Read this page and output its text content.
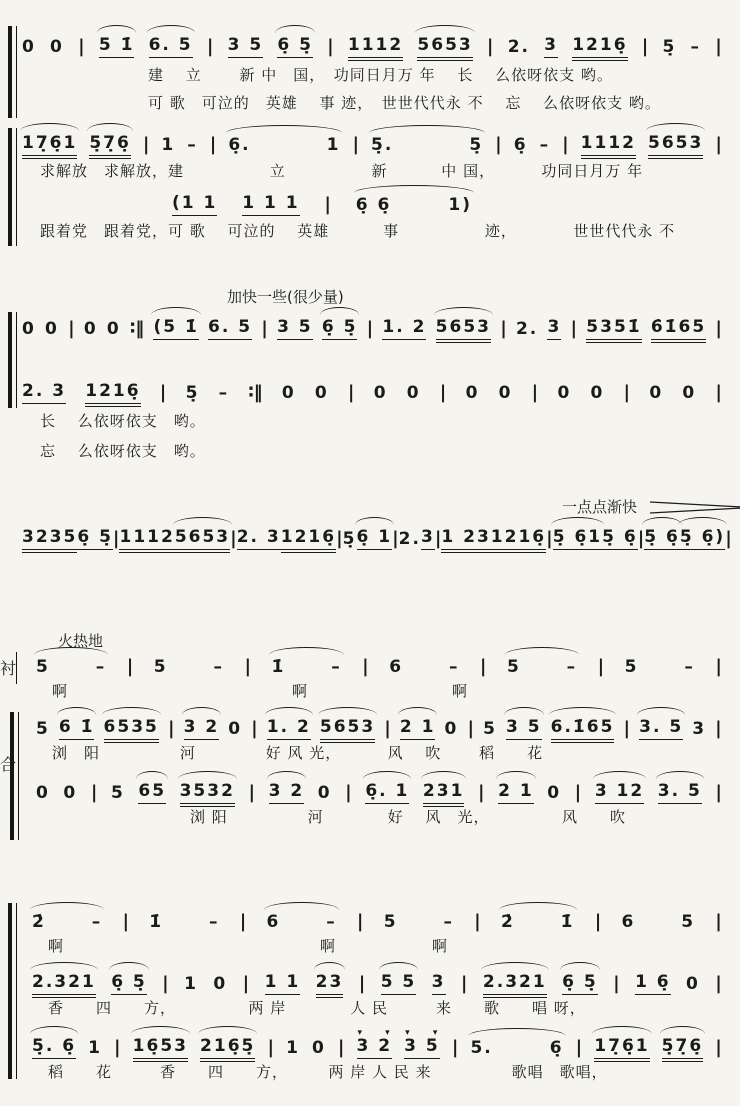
0 0 | 5 1̇ 6. 5 | 3 5 6̣ 5̣ | 1112 5653 | 2. 3 1216̣ | 5̣ – |
建　 立　　 新 中　国，　功同日月万 年　 长　 么依呀依支 哟。
可 歌　可泣的　英雄　 事 迹，　世世代代永 不　 忘　 么依呀依支 哟。
17̣6̣1 5̣7̣6̣ | 1 – | 6̣.　　　　1 | 5̣.　　　　5̣ | 6̣ – | 1112 5653 |
求解放　求解放，建　　　　　 立　　　　　 新　　　 中 国，　　　 功同日月万 年
(1 1 1 1 1 | 6̣ 6̣　　　1)
跟着党　跟着党，可 歌　 可泣的　 英雄　　　 事　　　　　 迹，　　　　世世代代永 不
加快一些(很少量)
0 0 | 0 0 ∶‖ (5 1̇ 6. 5 | 3 5 6̣ 5̣ | 1. 2 5653 | 2. 3 | 5351̇ 6̇1̇65 |
2. 3 1216̣ | 5̣ – ∶‖ 0 0 | 0 0 | 0 0 | 0 0 | 0 0 |
长　 么依呀依支　哟。
忘　 么依呀依支　哟。
一点点渐快
3235 6̣ 5̣ | 1112 5653 | 2. 3 1216̣ | 5̣ 6̣ 1 | 2. 3 | 1 23 1216̣ | 5̣ 6̣1 5̣ 6̣ | 5̣ 6̣ 5̣ 6̣) |
衬
合
火热地
5　　 – | 5　　 – | 1̇　　 – | 6　　 – | 5　　 – | 5　　 – |
啊　　　　　　　　　　　　　　啊　　　　　　　　　啊
5 6 1̇ 6535 | 3 2 0 | 1. 2 5653 | 2 1 0 | 5 3 5 6.1̇65 | 3. 5 3 |
浏　阳　　　　　河　　　　 好 风 光，　　　 风　 吹　　 稻　　花
0 0 | 5 65 3532 | 3 2 0 | 6̣. 1 231 | 2 1 0 | 3 12 3. 5 |
浏 阳　　　　　河　　　　好　 风　光，　　　　　风　　吹
2̇　　 – | 1̇　　 – | 6　　 – | 5　　 – | 2̇　　 1̇ | 6　　 5 |
啊　　　　　　　　　　　　　　　　啊　　　　　　啊
2.321 6̣ 5̣ | 1 0 | 1 1 23 | 5 5 3 | 2.321 6̣ 5̣ | 1 6̣ 0 |
香　　四　　方，　　　　　两 岸　　　　人 民　　　来　　歌　　唱 呀，
5̣. 6̣ 1 | 16̣53 216̣5̣ | 1 0 | 3 2
▾ ▾
3 5
▾ ▾
| 5.　　　6̣ | 17̣6̣1 5̣7̣6̣ |
稻　　花　　　香　　四　　方，　　　两 岸 人 民 来　　　　　歌唱　歌唱，
